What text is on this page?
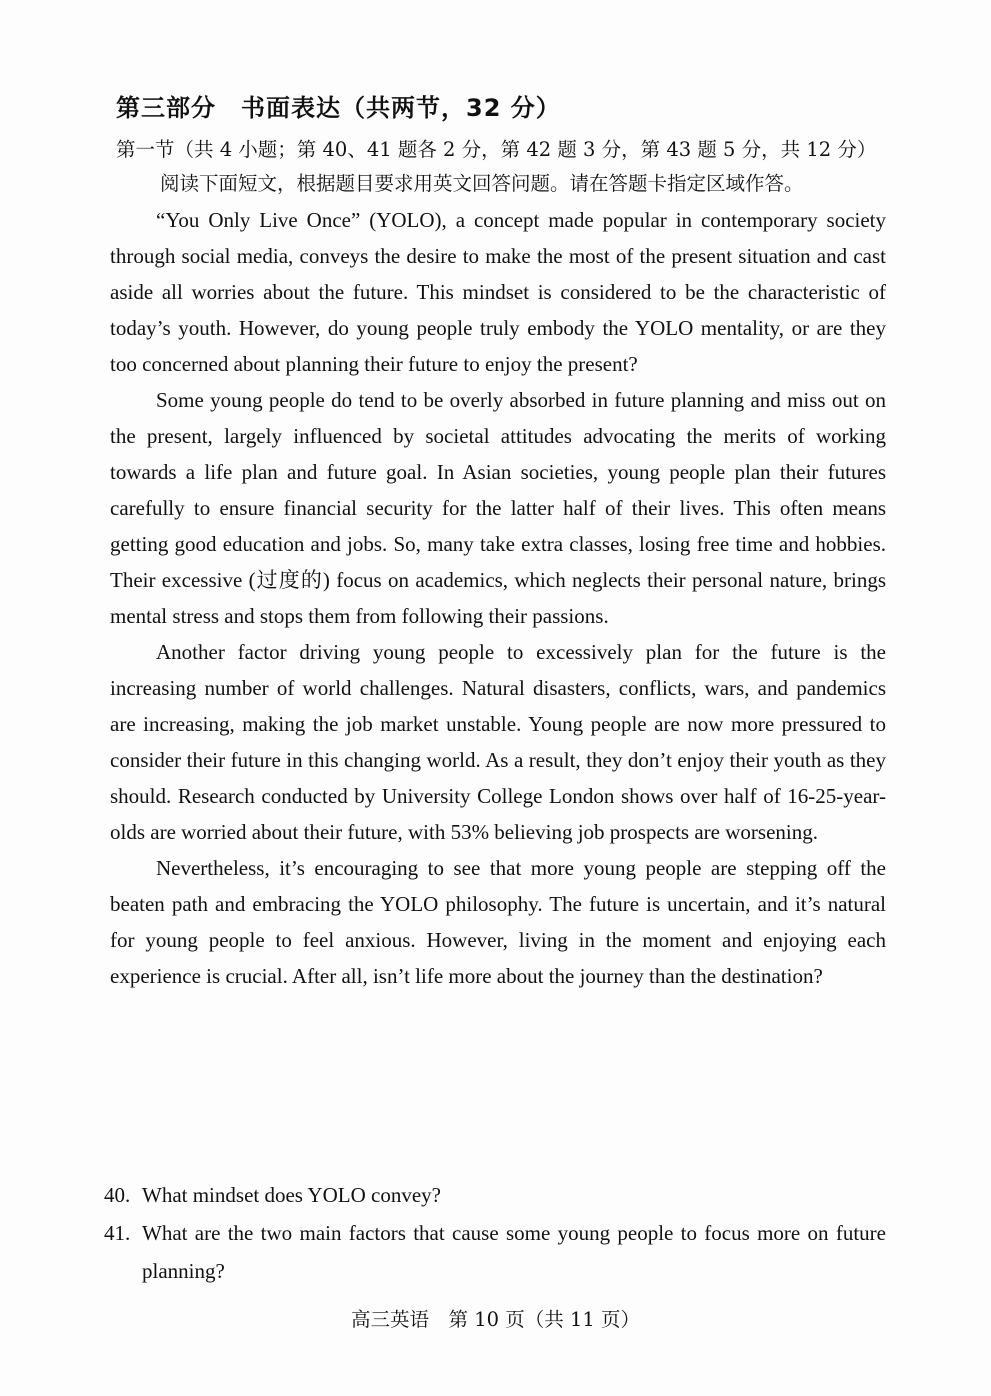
第三部分　书面表达（共两节，32 分）
第一节（共 4 小题；第 40、41 题各 2 分，第 42 题 3 分，第 43 题 5 分，共 12 分）
阅读下面短文，根据题目要求用英文回答问题。请在答题卡指定区域作答。

“You Only Live Once” (YOLO), a concept made popular in contemporary society through social media, conveys the desire to make the most of the present situation and cast aside all worries about the future. This mindset is considered to be the characteristic of today’s youth. However, do young people truly embody the YOLO mentality, or are they too concerned about planning their future to enjoy the present?

Some young people do tend to be overly absorbed in future planning and miss out on the present, largely influenced by societal attitudes advocating the merits of working towards a life plan and future goal. In Asian societies, young people plan their futures carefully to ensure financial security for the latter half of their lives. This often means getting good education and jobs. So, many take extra classes, losing free time and hobbies. Their excessive (过度的) focus on academics, which neglects their personal nature, brings mental stress and stops them from following their passions.

Another factor driving young people to excessively plan for the future is the increasing number of world challenges. Natural disasters, conflicts, wars, and pandemics are increasing, making the job market unstable. Young people are now more pressured to consider their future in this changing world. As a result, they don’t enjoy their youth as they should. Research conducted by University College London shows over half of 16-25-year-olds are worried about their future, with 53% believing job prospects are worsening.

Nevertheless, it’s encouraging to see that more young people are stepping off the beaten path and embracing the YOLO philosophy. The future is uncertain, and it’s natural for young people to feel anxious. However, living in the moment and enjoying each experience is crucial. After all, isn’t life more about the journey than the destination?

40. What mindset does YOLO convey?
41. What are the two main factors that cause some young people to focus more on future planning?
高三英语　第 10 页（共 11 页）
